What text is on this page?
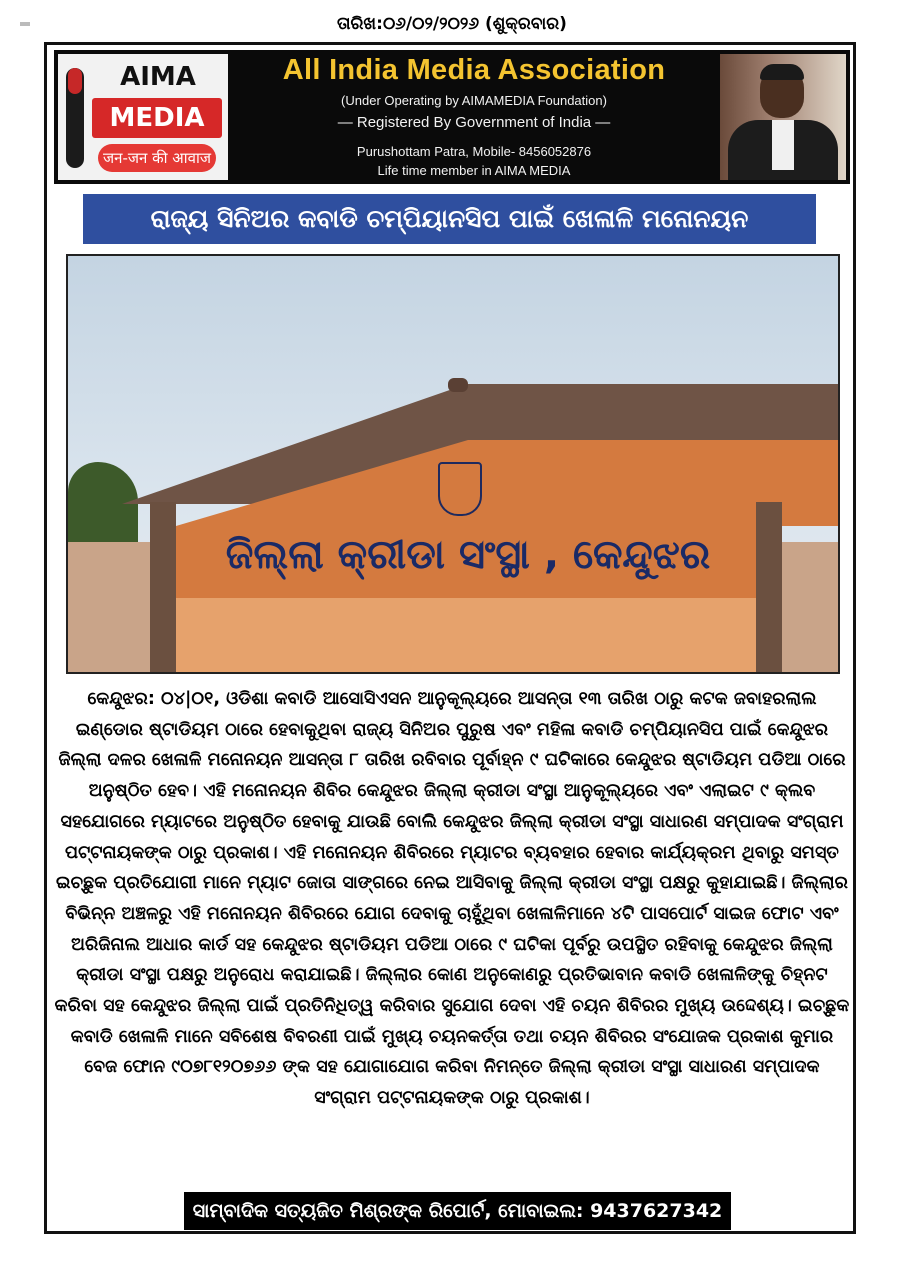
ତାରିଖ:୦୬/୦୨/୨୦୨୬ (ଶୁକ୍ରବାର)
AIMA
MEDIA
जन-जन की आवाज
All India Media Association
(Under Operating by AIMAMEDIA Foundation)
— Registered By Government of India —
Purushottam Patra, Mobile- 8456052876
Life time member in AIMA MEDIA
ରାଜ୍ୟ ସିନିଅର କବାଡି ଚମ୍ପିୟାନସିପ ପାଇଁ ଖେଳାଳି ମନୋନୟନ
ଜିଲ୍ଲା କ୍ରୀଡା ସଂସ୍ଥା , କେନ୍ଦୁଝର

କେନ୍ଦୁଝର: ୦୪|୦୧, ଓଡିଶା କବାଡି ଆସୋସିଏସନ ଆନୁକୂଲ୍ୟରେ ଆସନ୍ତା ୧୩ ତାରିଖ ଠାରୁ କଟକ ଜବାହରଲାଲ ଇଣ୍ଡୋର ଷ୍ଟାଡିୟମ ଠାରେ ହେବାକୁଥିବା ରାଜ୍ୟ ସିନିଅର ପୁରୁଷ ଏବଂ ମହିଳା କବାଡି ଚମ୍ପିୟାନସିପ ପାଇଁ କେନ୍ଦୁଝର ଜିଲ୍ଲା ଦଳର ଖେଳାଳି ମନୋନୟନ ଆସନ୍ତା ୮ ତାରିଖ ରବିବାର ପୂର୍ବାହ୍ନ ୯ ଘଟିକାରେ କେନ୍ଦୁଝର ଷ୍ଟାଡିୟମ ପଡିଆ ଠାରେ ଅନୁଷ୍ଠିତ ହେବ। ଏହି ମନୋନୟନ ଶିବିର କେନ୍ଦୁଝର ଜିଲ୍ଲା କ୍ରୀଡା ସଂସ୍ଥା ଆନୁକୂଲ୍ୟରେ ଏବଂ ଏଲାଇଟ ୯ କ୍ଲବ ସହଯୋଗରେ ମ୍ୟାଟରେ ଅନୁଷ୍ଠିତ ହେବାକୁ ଯାଉଛି ବୋଲି କେନ୍ଦୁଝର ଜିଲ୍ଲା କ୍ରୀଡା ସଂସ୍ଥା ସାଧାରଣ ସମ୍ପାଦକ ସଂଗ୍ରାମ ପଟ୍ଟନାୟକଙ୍କ ଠାରୁ ପ୍ରକାଶ। ଏହି ମନୋନୟନ ଶିବିରରେ ମ୍ୟାଟର ବ୍ୟବହାର ହେବାର କାର୍ଯ୍ୟକ୍ରମ ଥିବାରୁ ସମସ୍ତ ଇଚ୍ଛୁକ ପ୍ରତିଯୋଗୀ ମାନେ ମ୍ୟାଟ ଜୋତା ସାଙ୍ଗରେ ନେଇ ଆସିବାକୁ ଜିଲ୍ଲା କ୍ରୀଡା ସଂସ୍ଥା ପକ୍ଷରୁ କୁହାଯାଇଛି। ଜିଲ୍ଲାର ବିଭିନ୍ନ ଅଞ୍ଚଳରୁ ଏହି ମନୋନୟନ ଶିବିରରେ ଯୋଗ ଦେବାକୁ ଚାହୁଁଥିବା ଖେଳାଳିମାନେ ୪ଟି ପାସପୋର୍ଟ ସାଇଜ ଫୋଟ ଏବଂ ଅରିଜିନାଲ ଆଧାର କାର୍ଡ ସହ କେନ୍ଦୁଝର ଷ୍ଟାଡିୟମ ପଡିଆ ଠାରେ ୯ ଘଟିକା ପୂର୍ବରୁ ଉପସ୍ଥିତ ରହିବାକୁ କେନ୍ଦୁଝର ଜିଲ୍ଲା କ୍ରୀଡା ସଂସ୍ଥା ପକ୍ଷରୁ ଅନୁରୋଧ କରାଯାଇଛି। ଜିଲ୍ଲାର କୋଣ ଅନୁକୋଣରୁ ପ୍ରତିଭାବାନ କବାଡି ଖେଳାଳିଙ୍କୁ ଚିହ୍ନଟ କରିବା ସହ କେନ୍ଦୁଝର ଜିଲ୍ଲା ପାଇଁ ପ୍ରତିନିଧିତ୍ୱ କରିବାର ସୁଯୋଗ ଦେବା ଏହି ଚୟନ ଶିବିରର ମୁଖ୍ୟ ଉଦ୍ଦେଶ୍ୟ। ଇଚ୍ଛୁକ କବାଡି ଖେଳାଳି ମାନେ ସବିଶେଷ ବିବରଣୀ ପାଇଁ ମୁଖ୍ୟ ଚୟନକର୍ତ୍ତା ତଥା ଚୟନ ଶିବିରର ସଂଯୋଜକ ପ୍ରକାଶ କୁମାର ବେଜ ଫୋନ ୯୦୭୮୧୨୦୭୬୬ ଙ୍କ ସହ ଯୋଗାଯୋଗ କରିବା ନିମନ୍ତେ ଜିଲ୍ଲା କ୍ରୀଡା ସଂସ୍ଥା ସାଧାରଣ ସମ୍ପାଦକ ସଂଗ୍ରାମ ପଟ୍ଟନାୟକଙ୍କ ଠାରୁ ପ୍ରକାଶ।

ସାମ୍ବାଦିକ ସତ୍ୟଜିତ ମିଶ୍ରଙ୍କ ରିପୋର୍ଟ, ମୋବାଇଲ: 9437627342
